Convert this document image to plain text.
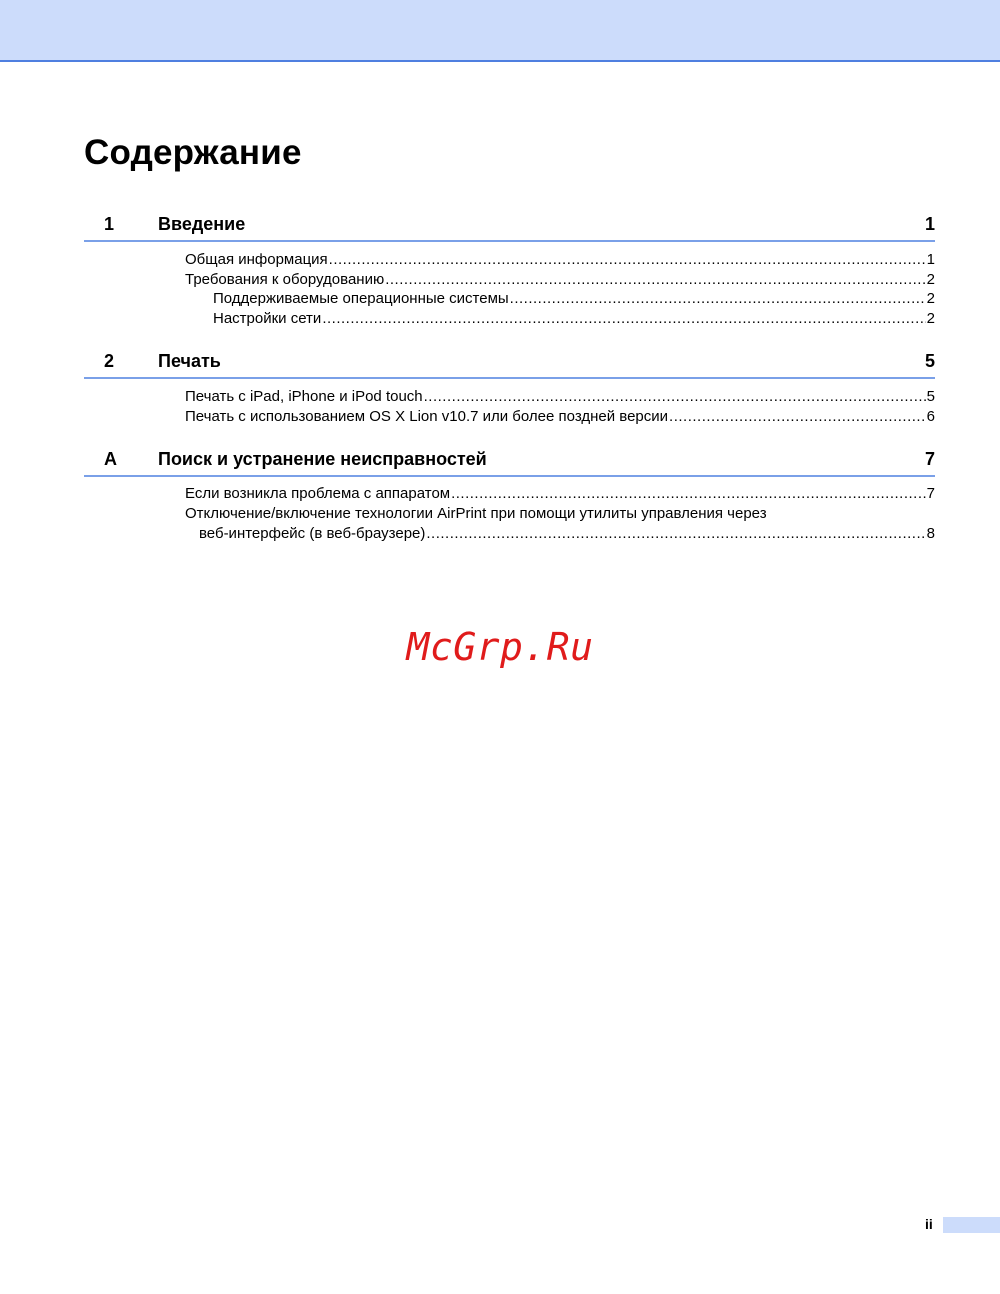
Содержание
1 Введение	1
Общая информация .....	1
Требования к оборудованию .....	2
Поддерживаемые операционные системы .....	2
Настройки сети .....	2
2 Печать	5
Печать с iPad, iPhone и iPod touch .....	5
Печать с использованием OS X Lion v10.7 или более поздней версии .....	6
A Поиск и устранение неисправностей	7
Если возникла проблема с аппаратом .....	7
Отключение/включение технологии AirPrint при помощи утилиты управления через
веб-интерфейс (в веб-браузере) .....	8
McGrp.Ru
ii
